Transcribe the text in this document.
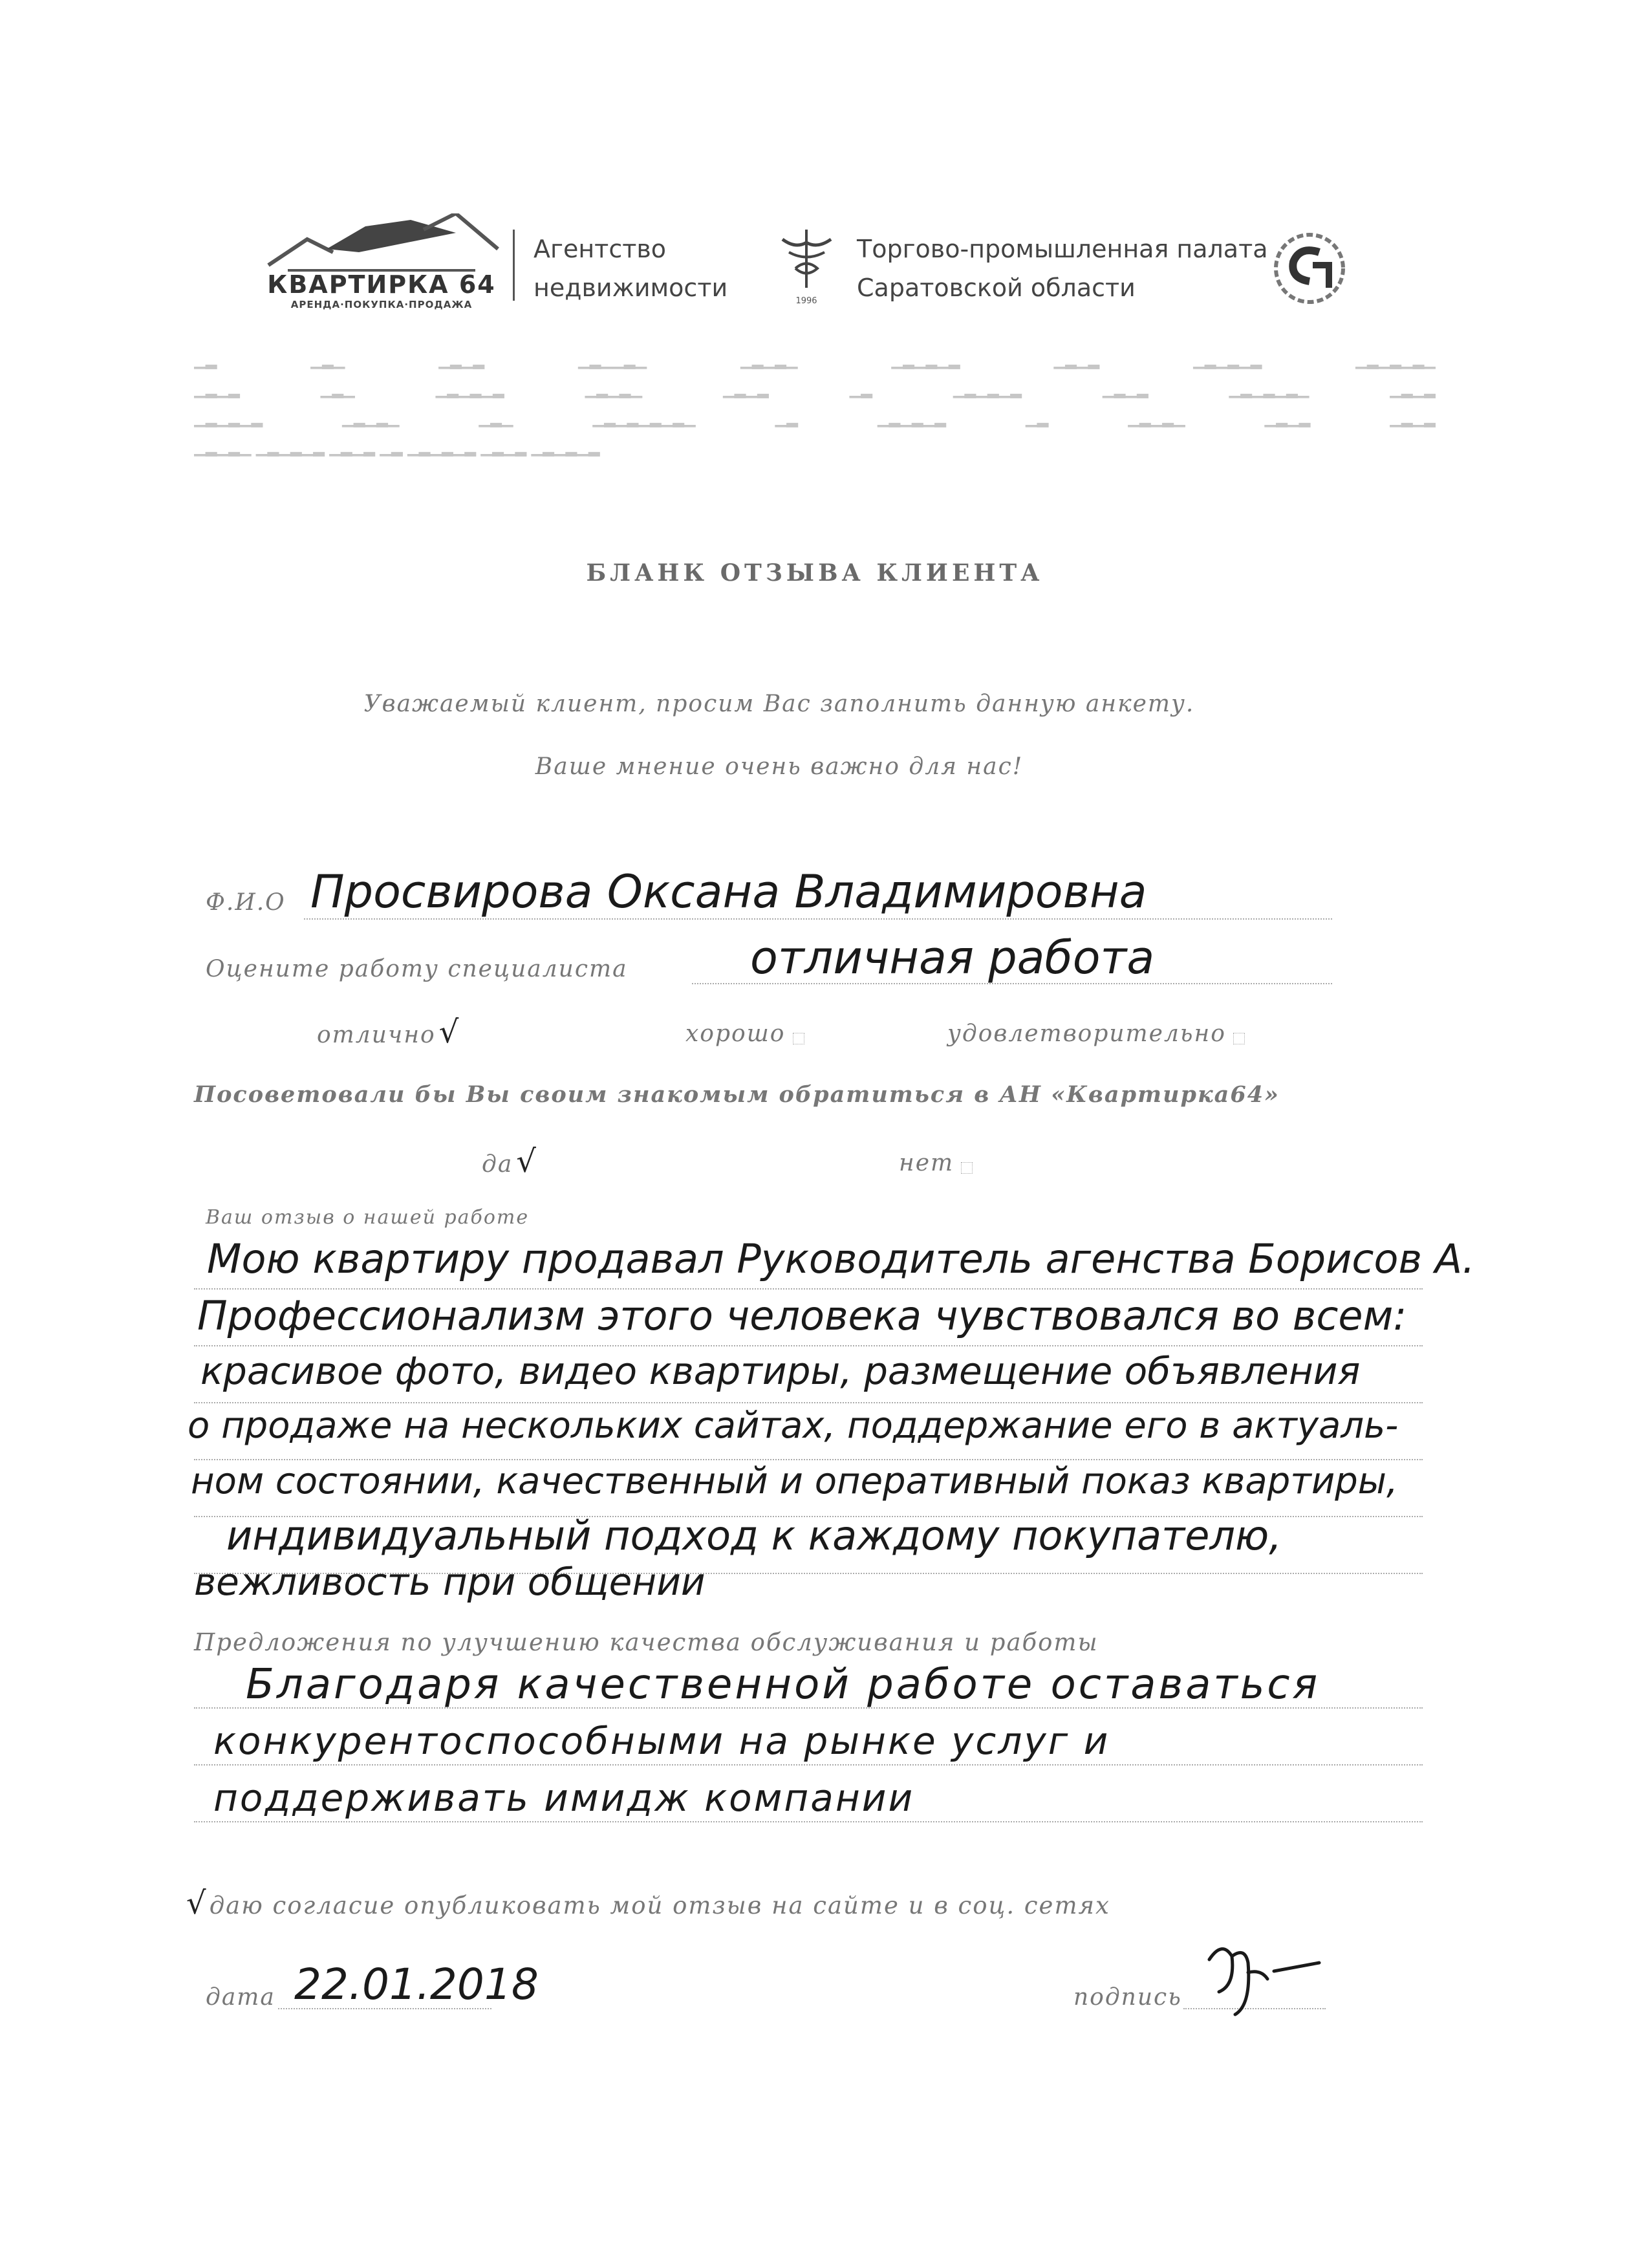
КВАРТИРКА 64
АРЕНДА·ПОКУПКА·ПРОДАЖА
Агентство
недвижимости	1996
Торгово-промышленная палата
Саратовской области
▁▂ ▁▂▁ ▁▂▁▂ ▁▂▁▁▂▁ ▁▂▁▂▁ ▁▂▁▂▁▂ ▁▂▁▂ ▁▂▁▂▁▂ ▁▂▁▂▁▂▁
▁▂▁▂ ▁▂▁ ▁▂▁▂▁▂ ▁▂▁▂▁ ▁▂▁▂ ▁▂ ▁▂▁▂▁▂ ▁▂▁▂ ▁▂▁▂▁▂▁ ▁▂▁▂
▁▂▁▂▁▂ ▁▂▁▂▁ ▁▂▁ ▁▂▁▂▁▂▁▂▁ ▁▂ ▁▂▁▂▁▂ ▁▂ ▁▂▁▂▁ ▁▂▁▂ ▁▂▁▂
▁▂▁▂▁ ▁▂▁▂▁▂ ▁▂▁▂ ▁▂ ▁▂▁▂▁▂ ▁▂▁▂ ▁▂▁▂▁▂
БЛАНК ОТЗЫВА КЛИЕНТА
Уважаемый клиент, просим Вас заполнить данную анкету.
Ваше мнение очень важно для нас!
Ф.И.О Просвирова Оксана Владимировна
Оцените работу специалиста	отличная работа
отлично √	хорошо	удовлетворительно
Посоветовали бы Вы своим знакомым обратиться в АН «Квартирка64»
да √	нет
Ваш отзыв о нашей работе
Мою квартиру продавал Руководитель агенства Борисов А.
Профессионализм этого человека чувствовался во всем:
красивое фото, видео квартиры, размещение объявления
о продаже на нескольких сайтах, поддержание его в актуаль-
ном состоянии, качественный и оперативный показ квартиры,
индивидуальный подход к каждому покупателю,
вежливость при общении
Предложения по улучшению качества обслуживания и работы
Благодаря качественной работе оставаться
конкурентоспособными на рынке услуг и
поддерживать имидж компании
√ даю согласие опубликовать мой отзыв на сайте и в соц. сетях
дата 22.01.2018	подпись
